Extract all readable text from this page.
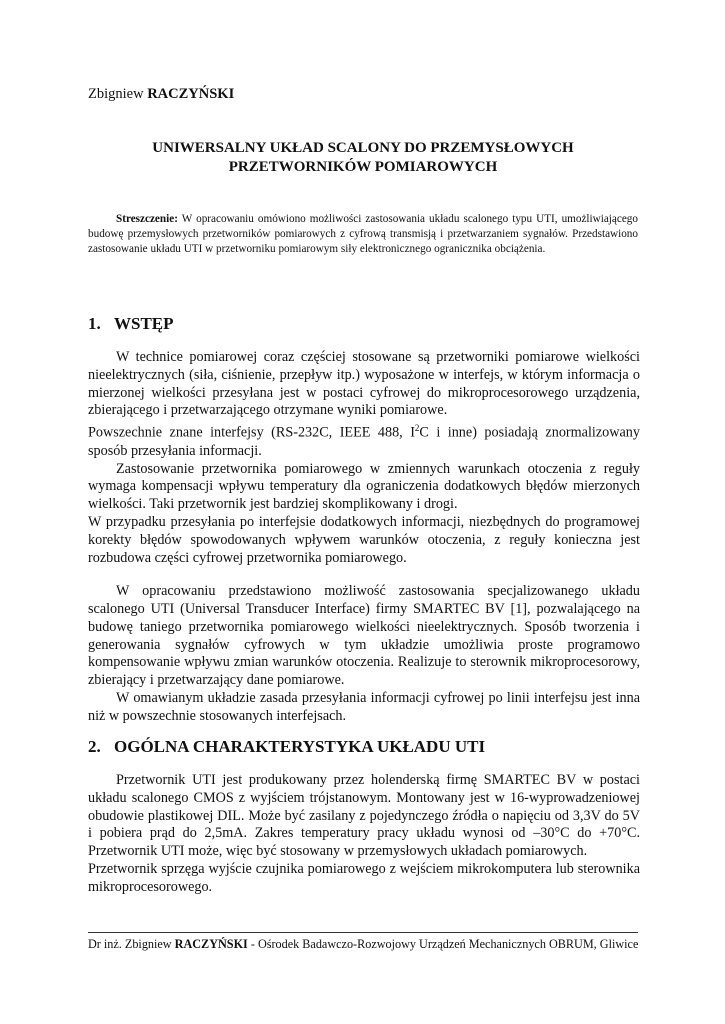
Zbigniew RACZYŃSKI
UNIWERSALNY UKŁAD SCALONY DO PRZEMYSŁOWYCH
PRZETWORNIKÓW POMIAROWYCH
Streszczenie: W opracowaniu omówiono możliwości zastosowania układu scalonego typu UTI, umożliwiającego budowę przemysłowych przetworników pomiarowych z cyfrową transmisją i przetwarzaniem sygnałów. Przedstawiono zastosowanie układu UTI w przetworniku pomiarowym siły elektronicznego ogranicznika obciążenia.
1. WSTĘP

W technice pomiarowej coraz częściej stosowane są przetworniki pomiarowe wielkości nieelektrycznych (siła, ciśnienie, przepływ itp.) wyposażone w interfejs, w którym informacja o mierzonej wielkości przesyłana jest w postaci cyfrowej do mikroprocesorowego urządzenia, zbierającego i przetwarzającego otrzymane wyniki pomiarowe.

Powszechnie znane interfejsy (RS-232C, IEEE 488, $I^2C$ i inne) posiadają znormalizowany sposób przesyłania informacji.

Zastosowanie przetwornika pomiarowego w zmiennych warunkach otoczenia z reguły wymaga kompensacji wpływu temperatury dla ograniczenia dodatkowych błędów mierzonych wielkości. Taki przetwornik jest bardziej skomplikowany i drogi.

W przypadku przesyłania po interfejsie dodatkowych informacji, niezbędnych do programowej korekty błędów spowodowanych wpływem warunków otoczenia, z reguły konieczna jest rozbudowa części cyfrowej przetwornika pomiarowego.

W opracowaniu przedstawiono możliwość zastosowania specjalizowanego układu scalonego UTI (Universal Transducer Interface) firmy SMARTEC BV [1], pozwalającego na budowę taniego przetwornika pomiarowego wielkości nieelektrycznych. Sposób tworzenia i generowania sygnałów cyfrowych w tym układzie umożliwia proste programowo kompensowanie wpływu zmian warunków otoczenia. Realizuje to sterownik mikroprocesorowy, zbierający i przetwarzający dane pomiarowe.

W omawianym układzie zasada przesyłania informacji cyfrowej po linii interfejsu jest inna niż w powszechnie stosowanych interfejsach.

2. OGÓLNA CHARAKTERYSTYKA UKŁADU UTI

Przetwornik UTI jest produkowany przez holenderską firmę SMARTEC BV w postaci układu scalonego CMOS z wyjściem trójstanowym. Montowany jest w 16-wyprowadzeniowej obudowie plastikowej DIL. Może być zasilany z pojedynczego źródła o napięciu od 3,3V do 5V i pobiera prąd do 2,5mA. Zakres temperatury pracy układu wynosi od –30°C do +70°C. Przetwornik UTI może, więc być stosowany w przemysłowych układach pomiarowych.

Przetwornik sprzęga wyjście czujnika pomiarowego z wejściem mikrokomputera lub sterownika mikroprocesorowego.

Dr inż. Zbigniew RACZYŃSKI - Ośrodek Badawczo-Rozwojowy Urządzeń Mechanicznych OBRUM, Gliwice
